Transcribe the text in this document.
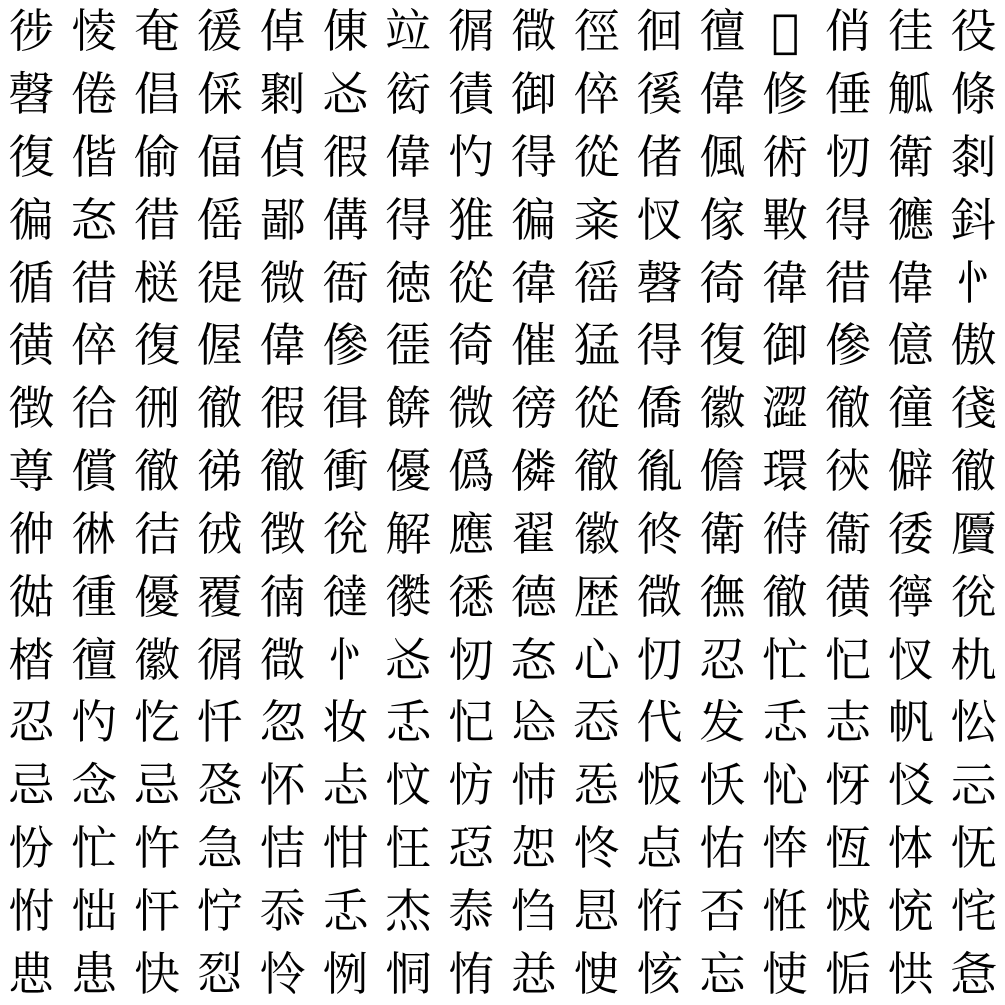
徏 㥄 奄 㣪 倬 倲 竝 㣯 㣲 徑 徊 㣶 𠊍 俏 徍 役
㲈 倦 倡 倸 㔌 㣻 衒 㣱 御 倅 徯 偉 修 倕 觚 條
復 偕 偷 偪 偵 徦 偉 㣿 得 從 偖 偑 術 㣼 衛 㓼
徧 㣽 徣 傜 鄙 傋 得 猚 徧 㪰 㣾 傢 㪤 得 㣹 鈄
循 徣 㮸 徥 微 衙 徳 從 徫 徭 㲈 徛 徫 徣 偉 㣺
㣴 倅 復 偓 偉 傪 徰 徛 催 猛 得 復 御 傪 億 傲
徴 㣛 㣜 徹 徦 㣬 餴 微 徬 從 僑 徽 澀 徹 徸 㣤
尊 償 徹 㣢 徹 衝 優 僞 僯 徹 㣧 儋 環 㣣 僻 徹
㣡 㣩 㣟 㣝 徴 㣞 解 應 翟 徽 㣠 衛 㣥 衞 㣦 贗
㣨 㣫 優 覆 㣮 㣵 㣸 㣰 德 歴 㣲 㣳 徹 㣴 㣷 㣞
㭼 㣶 徽 㣯 㣲 㣺 㣻 㣼 㣽 心 忉 忍 忙 忋 㣾 朹
忍 㣿 忔 忏 忽 妆 忎 忋 㤀 㤁 代 发 忎 志 帆 忪
忌 念 忌 㤂 怀 忐 忟 㤃 㤄 㤅 㤆 㤇 㤈 㤉 㤊 忈
㤋 忙 忤 急 恄 㤌 忹 㤍 㤎 㤏 㤐 㤑 㤒 恆 㤓 怃
㤔 㤕 忓 㤖 忝 忎 杰 㤗 㤘 㤙 㤚 否 㤛 㤜 㤝 㤞
㤟 患 快 㤠 怜 㤡 恫 㤢 㤣 㤤 㤥 忘 㤦 㤧 㤨 㤩
